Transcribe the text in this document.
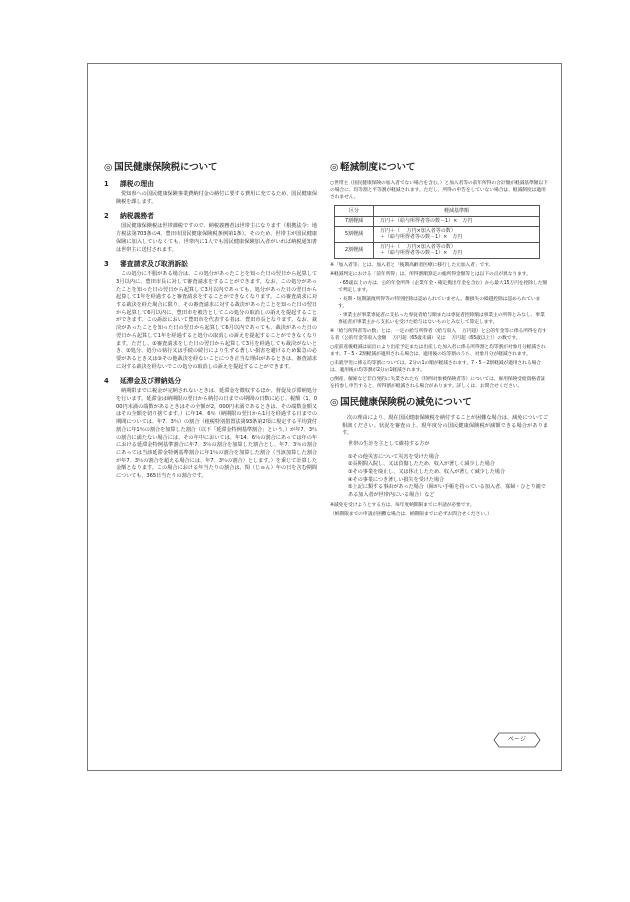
◎ 国民健康保険税について
1 課税の理由

愛知県への国民健康保険事業費納付金の納付に要する費用に充てるため、国民健康保険税を課します。

2 納税義務者

国民健康保険税は世帯課税ですので、納税義務者は世帯主になります（根拠法令：地方税法第703条の4、豊田市国民健康保険税条例第1条）。そのため、世帯主が国民健康保険に加入していなくても、世帯内に1人でも国民健康保険加入者がいれば納税通知書は世帯主に送付されます。

3 審査請求及び取消訴訟

この処分に不服がある場合は、この処分があったことを知った日の翌日から起算して3月以内に、豊田市長に対して審査請求をすることができます。なお、この処分があったことを知った日の翌日から起算して3月以内であっても、処分があった日の翌日から起算して1年を経過すると審査請求をすることができなくなります。この審査請求に対する裁決を経た場合に限り、その審査請求に対する裁決があったことを知った日の翌日から起算して6月以内に、豊田市を被告としてこの処分の取消しの訴えを提起することができます。この訴訟において豊田市を代表する者は、豊田市長となります。なお、裁決があったことを知った日の翌日から起算して6月以内であっても、裁決があった日の翌日から起算して1年を経過すると処分の取消しの訴えを提起することができなくなります。ただし、①審査請求をした日の翌日から起算して3月を経過しても裁決がないとき、②処分、処分の執行又は手続の続行により生ずる著しい損害を避けるため緊急の必要があるとき又は③その他裁決を経ないことにつき正当な理由があるときは、審査請求に対する裁決を経ないでこの処分の取消しの訴えを提起することができます。

4 延滞金及び滞納処分

納期限までに税金が完納されないときは、延滞金を徴収するほか、督促及び滞納処分を行います。延滞金は納期限の翌日から納付の日までの期間の日数に応じ、税額（1，000円未満の端数があるときはその全額が2，000円未満であるときは、その端数金額又はその全額を切り捨てます。）に年14．6％（納期限の翌日から1月を経過する日までの期間については、年7．3％）の割合（租税特別措置法第93条第2項に規定する平均貸付割合に年1％の割合を加算した割合（以下「延滞金特例基準割合」という。）が年7．3％の割合に満たない場合には、その年中においては、年14．6％の割合にあっては年の年における延滞金特例基準割合に年7．3％の割合を加算した割合とし、年7．3％の割合にあっては当該延滞金特例基準割合に年1％の割合を加算した割合（当該加算した割合が年7．3％の割合を超える場合には、年7．3％の割合）とします。）を乗じて計算した金額となります。この場合における年当たりの割合は、閏（じゅん）年の日を含む期間についても、365日当たりの割合です。

◎ 軽減制度について

○世帯主（国民健康保険の加入者でない場合を含む。）と加入者等の前年所得の合計額が軽減基準額以下の場合に、均等割と平等割が軽減されます。ただし、所得の申告をしていない場合は、軽減制度は適用されません。

区分	軽減基準額
7割軽減	万円＋（給与所得者等の数－1）×　万円

5割軽減	万円＋（　 万円×加入者等の数）
＋（給与所得者等の数－1）×　万円

2割軽減	万円＋（　 万円×加入者等の数）
＋（給与所得者等の数－1）×　万円

※「加入者等」とは、加入者と「後期高齢者医療に移行した元加入者」です。

※軽減判定における「前年所得」は、所得割額算定の総所得金額等とは以下の点が異なります。

・65歳以上の方は、公的年金所得（企業年金・確定拠出年金を含む）から最大15万円を控除した額で判定します。

・長期・短期譲渡所得等の特別控除は認められていません。雑損失の繰越控除は認められています。

・事業主が事業専従者に支払った専従者給与額または専従者控除額は事業主の所得とみなし、事業専従者が事業主から支払いを受けた給与はないものとみなして算定します。

※「給与所得者等の数」とは、一定の給与所得者（給与収入　 万円超）と公的年金等に係る所得を有する者（公的年金等収入金額　 万円超（65歳未満）又は　 万円超（65歳以上））の数です。

○産前産後軽減は届出により出産予定または出産した加入者に係る所得割と均等割が対象月分軽減されます。7・5・2割軽減が適用される場合は、適用後の均等割のうち、対象月分が軽減されます。

○未就学児に係る均等割については、2分の1の額が軽減されます。7・5・2割軽減が適用される場合は、適用後の均等割が2分の1軽減されます。

○倒産、解雇など非自発的に失業された方（特例対象被保険者等）については、雇用保険受給資格者証を持参し申告すると、所得割が軽減される場合があります。詳しくは、お問合せください。

◎ 国民健康保険税の減免について

次の理由により、現在国民健康保険税を納付することが困難な場合は、減免についてご相談ください。状況を審査の上、現年度分の国民健康保険税が減額できる場合があります。

世帯の生計を主として維持する方が

①その他災害について災害を受けた場合
②長期間入院し、又は負傷したため、収入が著しく減少した場合
③その事業を廃止し、又は休止したため、収入が著しく減少した場合
④その事業につき著しい損失を受けた場合
⑤上記に類する事由があった場合（障がい手帳を持っている加入者、寡婦・ひとり親である加入者が世帯内にいる場合）など

※減免を受けようとする方は、毎年度納期限までに申請が必要です。

（納期限までの申請が困難な場合は、納期限までに必ずお問合せください。）

ページ
